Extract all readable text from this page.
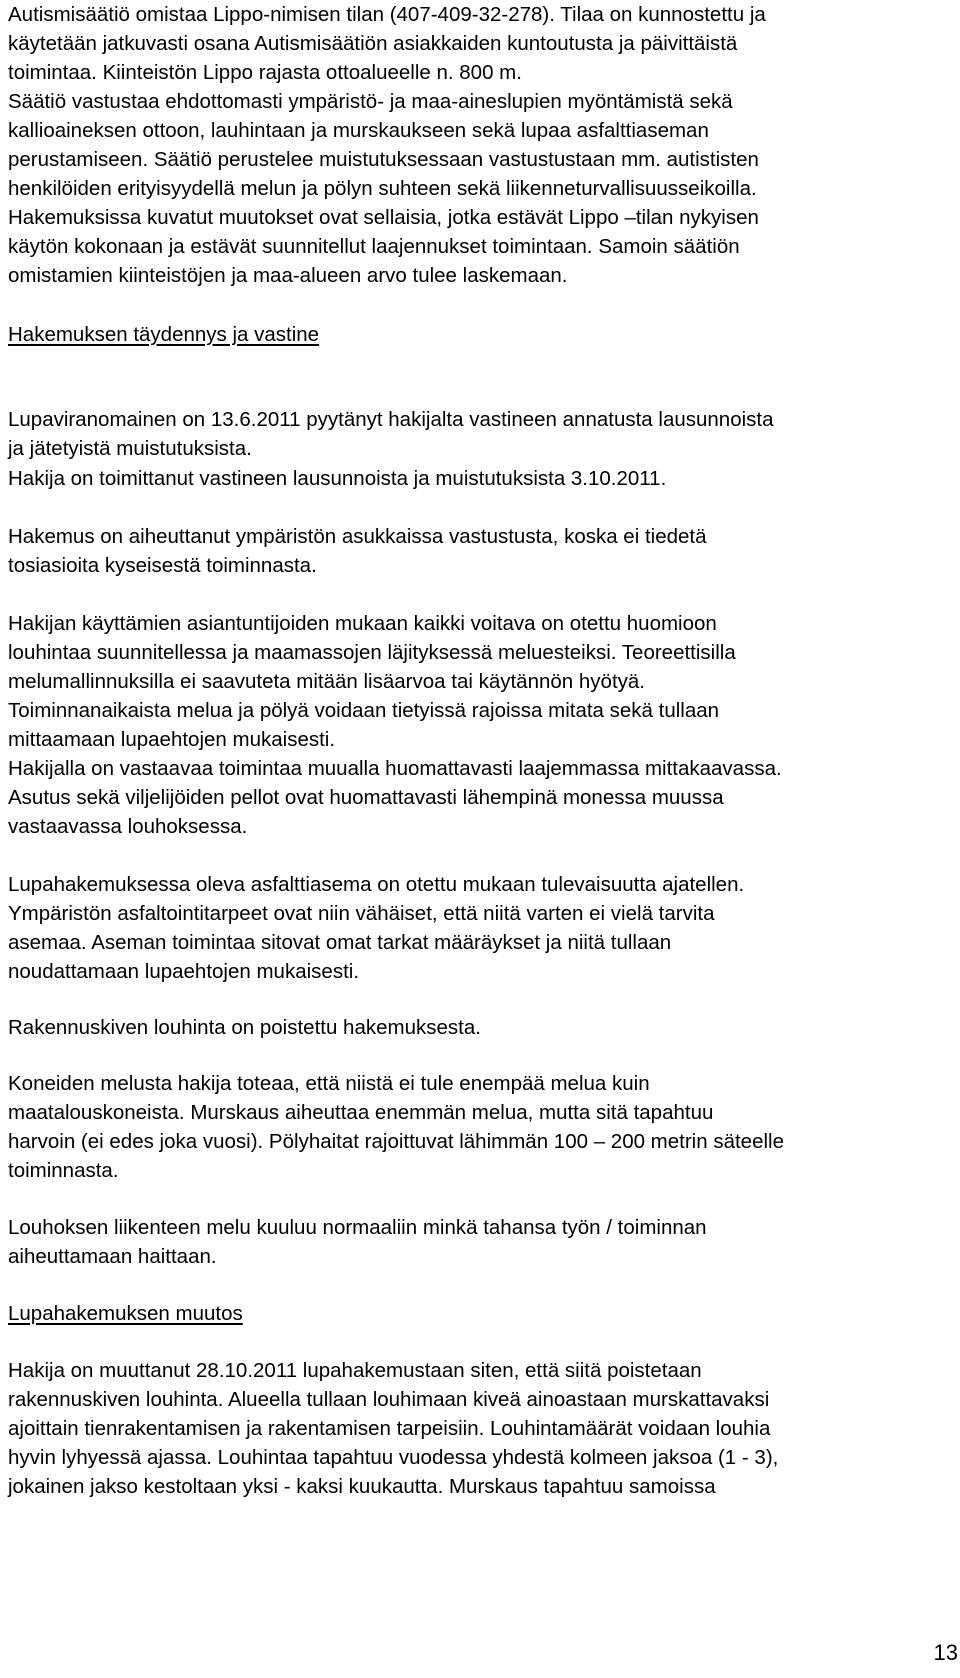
Autismisäätiö omistaa Lippo-nimisen tilan (407-409-32-278). Tilaa on kunnostettu ja
käytetään jatkuvasti osana Autismisäätiön asiakkaiden kuntoutusta ja päivittäistä
toimintaa. Kiinteistön Lippo rajasta ottoalueelle n. 800 m.

Säätiö vastustaa ehdottomasti ympäristö- ja maa-aineslupien myöntämistä sekä
kallioaineksen ottoon, lauhintaan ja murskaukseen sekä lupaa asfalttiaseman
perustamiseen. Säätiö perustelee muistutuksessaan vastustustaan mm. autististen
henkilöiden erityisyydellä melun ja pölyn suhteen sekä liikenneturvallisuusseikoilla.
Hakemuksissa kuvatut muutokset ovat sellaisia, jotka estävät Lippo –tilan nykyisen
käytön kokonaan ja estävät suunnitellut laajennukset toimintaan. Samoin säätiön
omistamien kiinteistöjen ja maa-alueen arvo tulee laskemaan.

Hakemuksen täydennys ja vastine

Lupaviranomainen on 13.6.2011 pyytänyt hakijalta vastineen annatusta lausunnoista
ja jätetyistä muistutuksista.

Hakija on toimittanut vastineen lausunnoista ja muistutuksista 3.10.2011.

Hakemus on aiheuttanut ympäristön asukkaissa vastustusta, koska ei tiedetä
tosiasioita kyseisestä toiminnasta.

Hakijan käyttämien asiantuntijoiden mukaan kaikki voitava on otettu huomioon
louhintaa suunnitellessa ja maamassojen läjityksessä meluesteiksi. Teoreettisilla
melumallinnuksilla ei saavuteta mitään lisäarvoa tai käytännön hyötyä.
Toiminnanaikaista melua ja pölyä voidaan tietyissä rajoissa mitata sekä tullaan
mittaamaan lupaehtojen mukaisesti.

Hakijalla on vastaavaa toimintaa muualla huomattavasti laajemmassa mittakaavassa.
Asutus sekä viljelijöiden pellot ovat huomattavasti lähempinä monessa muussa
vastaavassa louhoksessa.

Lupahakemuksessa oleva asfalttiasema on otettu mukaan tulevaisuutta ajatellen.
Ympäristön asfaltointitarpeet ovat niin vähäiset, että niitä varten ei vielä tarvita
asemaa. Aseman toimintaa sitovat omat tarkat määräykset ja niitä tullaan
noudattamaan lupaehtojen mukaisesti.

Rakennuskiven louhinta on poistettu hakemuksesta.

Koneiden melusta hakija toteaa, että niistä ei tule enempää melua kuin
maatalouskoneista. Murskaus aiheuttaa enemmän melua, mutta sitä tapahtuu
harvoin (ei edes joka vuosi). Pölyhaitat rajoittuvat lähimmän 100 – 200 metrin säteelle
toiminnasta.

Louhoksen liikenteen melu kuuluu normaaliin minkä tahansa työn / toiminnan
aiheuttamaan haittaan.

Lupahakemuksen muutos

Hakija on muuttanut 28.10.2011 lupahakemustaan siten, että siitä poistetaan
rakennuskiven louhinta. Alueella tullaan louhimaan kiveä ainoastaan murskattavaksi
ajoittain tienrakentamisen ja rakentamisen tarpeisiin. Louhintamäärät voidaan louhia
hyvin lyhyessä ajassa. Louhintaa tapahtuu vuodessa yhdestä kolmeen jaksoa (1 - 3),
jokainen jakso kestoltaan yksi - kaksi kuukautta. Murskaus tapahtuu samoissa

13
